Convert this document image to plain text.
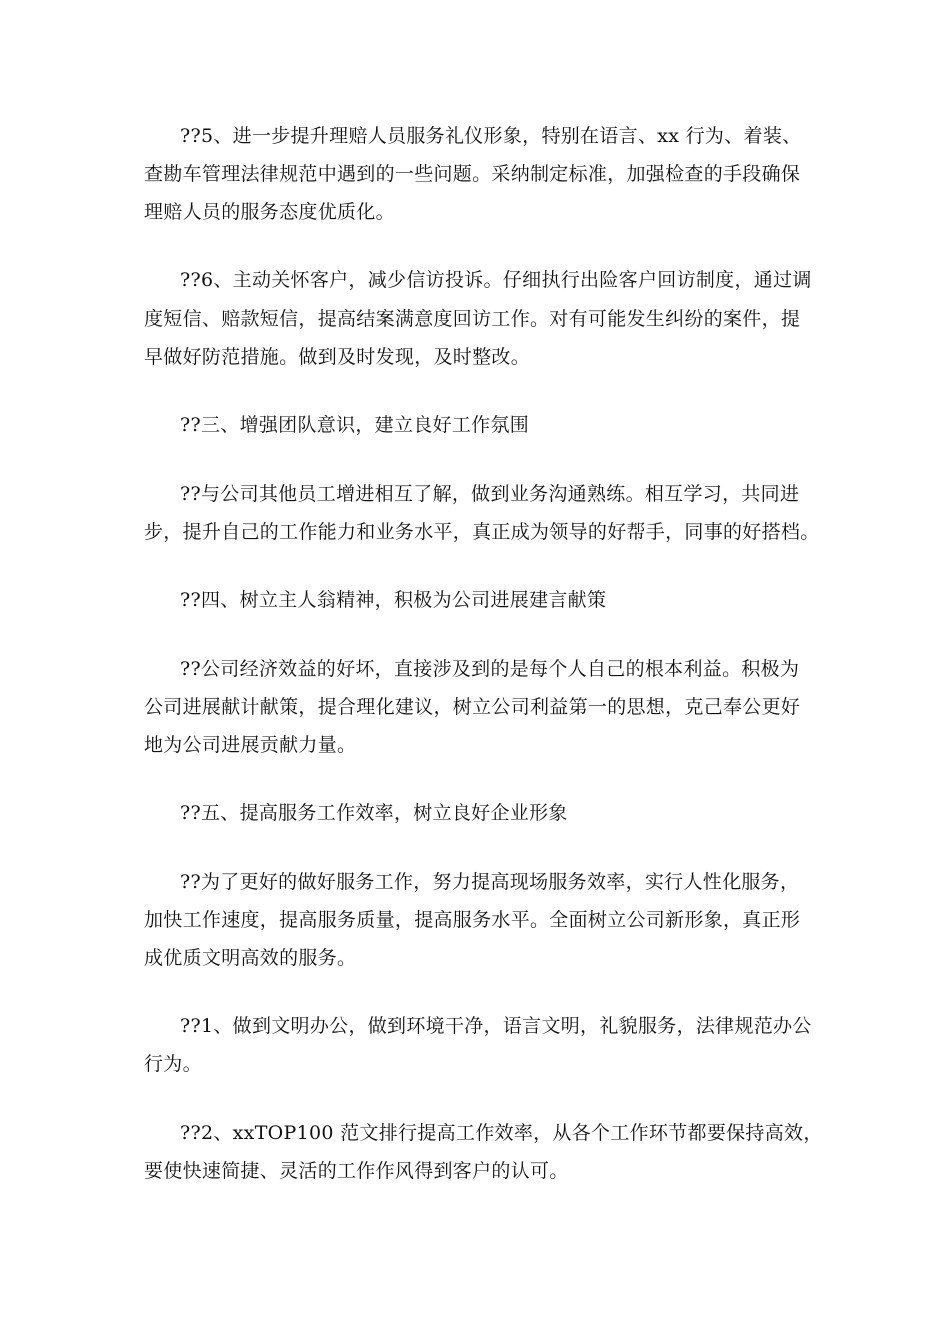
??5、进一步提升理赔人员服务礼仪形象，特别在语言、xx 行为、着装、
查勘车管理法律规范中遇到的一些问题。采纳制定标准，加强检查的手段确保
理赔人员的服务态度优质化。
??6、主动关怀客户，减少信访投诉。仔细执行出险客户回访制度，通过调
度短信、赔款短信，提高结案满意度回访工作。对有可能发生纠纷的案件，提
早做好防范措施。做到及时发现，及时整改。
??三、增强团队意识，建立良好工作氛围
??与公司其他员工增进相互了解，做到业务沟通熟练。相互学习，共同进
步，提升自己的工作能力和业务水平，真正成为领导的好帮手，同事的好搭档。
??四、树立主人翁精神，积极为公司进展建言献策
??公司经济效益的好坏，直接涉及到的是每个人自己的根本利益。积极为
公司进展献计献策，提合理化建议，树立公司利益第一的思想，克己奉公更好
地为公司进展贡献力量。
??五、提高服务工作效率，树立良好企业形象
??为了更好的做好服务工作，努力提高现场服务效率，实行人性化服务，
加快工作速度，提高服务质量，提高服务水平。全面树立公司新形象，真正形
成优质文明高效的服务。
??1、做到文明办公，做到环境干净，语言文明，礼貌服务，法律规范办公
行为。
??2、xxTOP100 范文排行提高工作效率，从各个工作环节都要保持高效，
要使快速简捷、灵活的工作作风得到客户的认可。
